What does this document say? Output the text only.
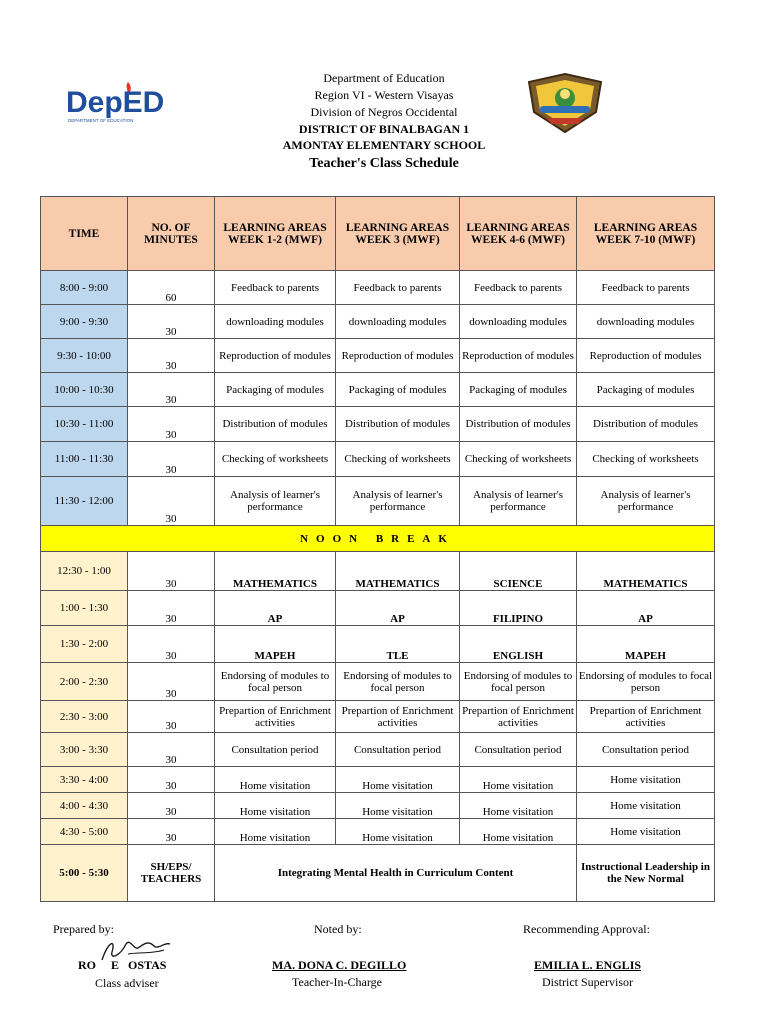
DepED
DEPARTMENT OF EDUCATION
Department of Education
Region VI - Western Visayas
Division of Negros Occidental
DISTRICT OF BINALBAGAN 1
AMONTAY ELEMENTARY SCHOOL
Teacher's Class Schedule
TIME	NO. OF MINUTES	LEARNING AREAS WEEK 1-2 (MWF)	LEARNING AREAS WEEK 3 (MWF)	LEARNING AREAS WEEK 4-6 (MWF)	LEARNING AREAS WEEK 7-10 (MWF)
8:00 - 9:00	60	Feedback to parents	Feedback to parents	Feedback to parents	Feedback to parents
9:00 - 9:30	30	downloading modules	downloading modules	downloading modules	downloading modules
9:30 - 10:00	30	Reproduction of modules	Reproduction of modules	Reproduction of modules	Reproduction of modules
10:00 - 10:30	30	Packaging of modules	Packaging of modules	Packaging of modules	Packaging of modules
10:30 - 11:00	30	Distribution of modules	Distribution of modules	Distribution of modules	Distribution of modules
11:00 - 11:30	30	Checking of worksheets	Checking of worksheets	Checking of worksheets	Checking of worksheets
11:30 - 12:00	30	Analysis of learner's performance	Analysis of learner's performance	Analysis of learner's performance	Analysis of learner's performance
NOON BREAK					
12:30 - 1:00	30	MATHEMATICS	MATHEMATICS	SCIENCE	MATHEMATICS
1:00 - 1:30	30	AP	AP	FILIPINO	AP
1:30 - 2:00	30	MAPEH	TLE	ENGLISH	MAPEH
2:00 - 2:30	30	Endorsing of modules to focal person	Endorsing of modules to focal person	Endorsing of modules to focal person	Endorsing of modules to focal person
2:30 - 3:00	30	Prepartion of Enrichment activities	Prepartion of Enrichment activities	Prepartion of Enrichment activities	Prepartion of Enrichment activities
3:00 - 3:30	30	Consultation period	Consultation period	Consultation period	Consultation period
3:30 - 4:00	30	Home visitation	Home visitation	Home visitation	Home visitation
4:00 - 4:30	30	Home visitation	Home visitation	Home visitation	Home visitation
4:30 - 5:00	30	Home visitation	Home visitation	Home visitation	Home visitation
5:00 - 5:30	SH/EPS/ TEACHERS	Integrating Mental Health in Curriculum Content			Instructional Leadership in the New Normal
Prepared by:
RO     E   OSTAS
Class adviser
Noted by:
MA. DONA C. DEGILLO
Teacher-In-Charge
Recommending Approval:
EMILIA L. ENGLIS
District Supervisor
